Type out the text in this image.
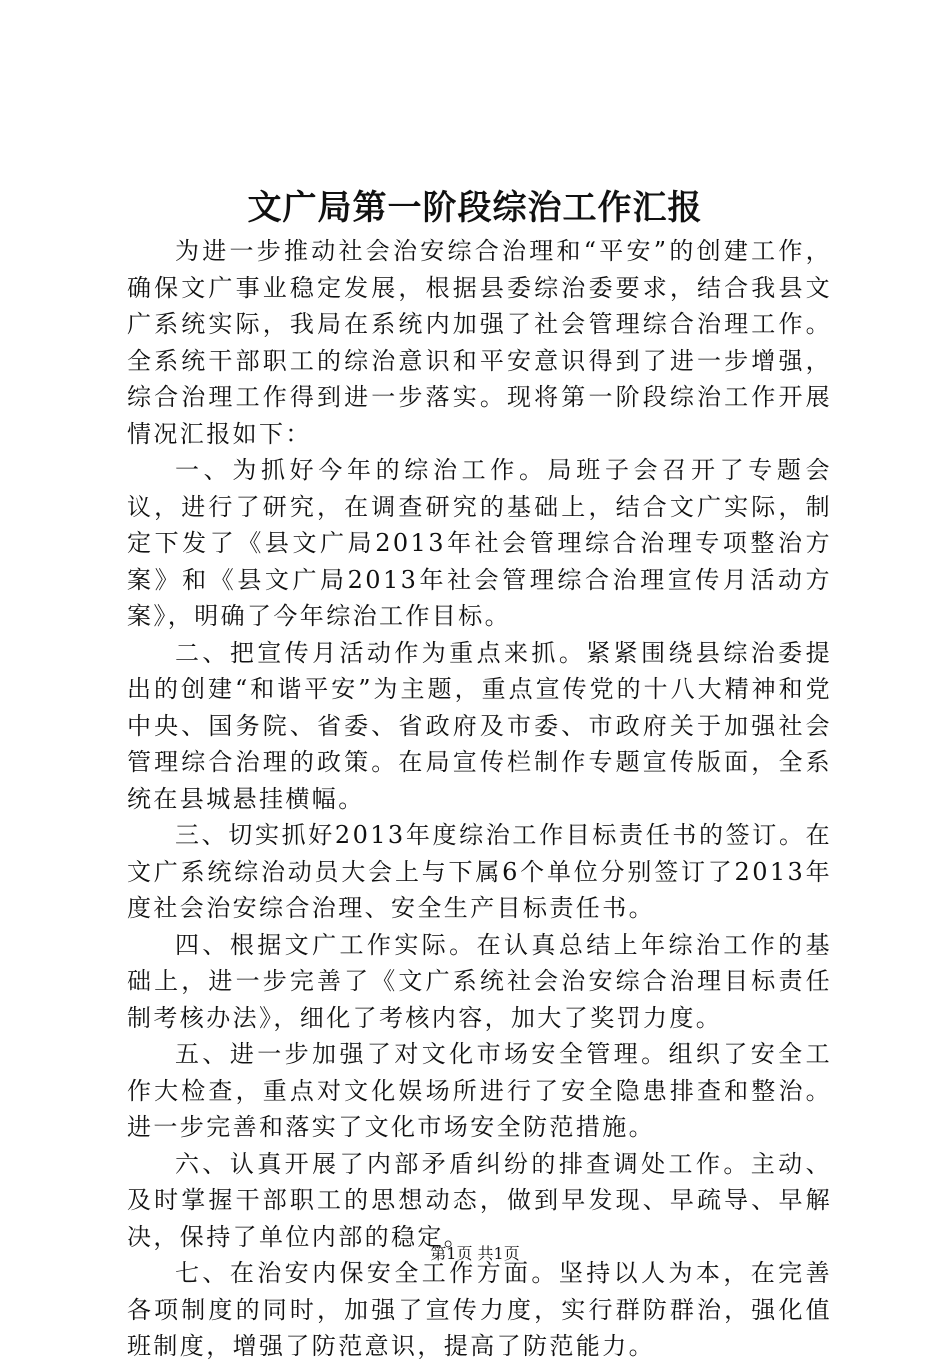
文广局第一阶段综治工作汇报

为进一步推动社会治安综合治理和“平安”的创建工作，确保文广事业稳定发展，根据县委综治委要求，结合我县文广系统实际，我局在系统内加强了社会管理综合治理工作。全系统干部职工的综治意识和平安意识得到了进一步增强，综合治理工作得到进一步落实。现将第一阶段综治工作开展情况汇报如下：

一、为抓好今年的综治工作。局班子会召开了专题会议，进行了研究，在调查研究的基础上，结合文广实际，制定下发了《县文广局2013年社会管理综合治理专项整治方案》和《县文广局2013年社会管理综合治理宣传月活动方案》，明确了今年综治工作目标。

二、把宣传月活动作为重点来抓。紧紧围绕县综治委提出的创建“和谐平安”为主题，重点宣传党的十八大精神和党中央、国务院、省委、省政府及市委、市政府关于加强社会管理综合治理的政策。在局宣传栏制作专题宣传版面，全系统在县城悬挂横幅。

三、切实抓好2013年度综治工作目标责任书的签订。在文广系统综治动员大会上与下属6个单位分别签订了2013年度社会治安综合治理、安全生产目标责任书。

四、根据文广工作实际。在认真总结上年综治工作的基础上，进一步完善了《文广系统社会治安综合治理目标责任制考核办法》，细化了考核内容，加大了奖罚力度。

五、进一步加强了对文化市场安全管理。组织了安全工作大检查，重点对文化娱场所进行了安全隐患排查和整治。进一步完善和落实了文化市场安全防范措施。

六、认真开展了内部矛盾纠纷的排查调处工作。主动、及时掌握干部职工的思想动态，做到早发现、早疏导、早解决，保持了单位内部的稳定。

七、在治安内保安全工作方面。坚持以人为本，在完善各项制度的同时，加强了宣传力度，实行群防群治，强化值班制度，增强了防范意识，提高了防范能力。

第1页 共1页
